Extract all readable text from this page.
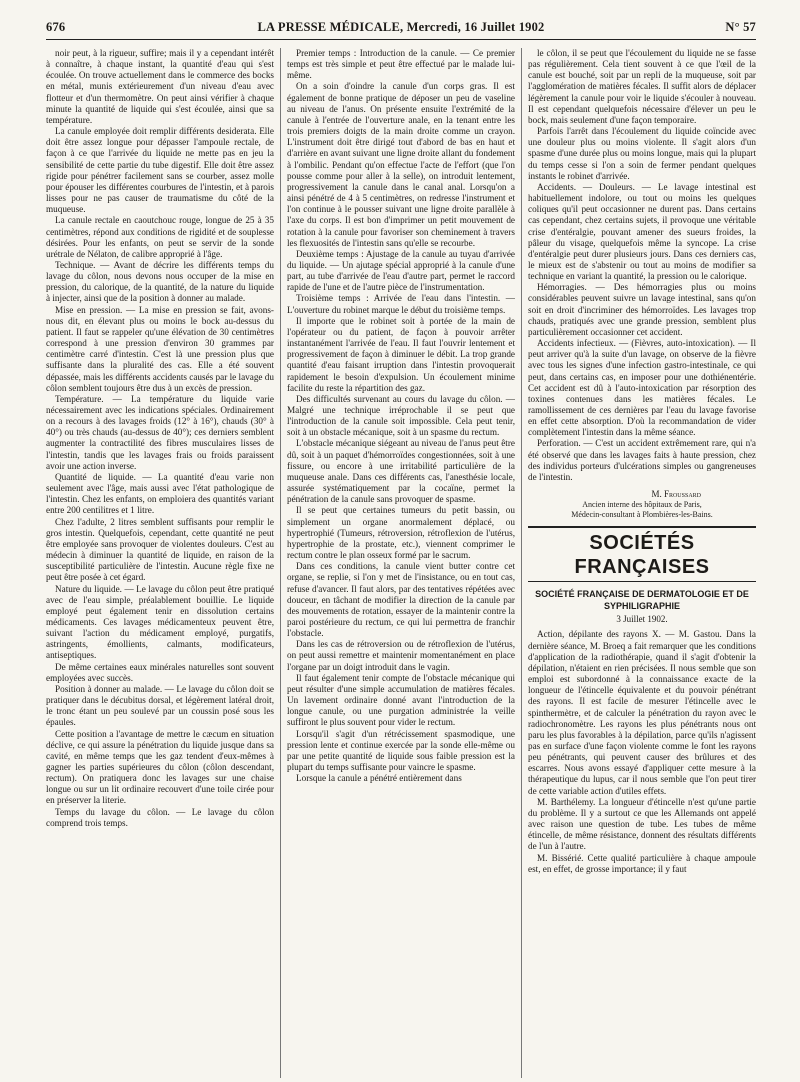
676	LA PRESSE MÉDICALE, Mercredi, 16 Juillet 1902	N° 57

noir peut, à la rigueur, suffire; mais il y a cependant intérêt à connaître, à chaque instant, la quantité d'eau qui s'est écoulée. On trouve actuellement dans le commerce des bocks en métal, munis extérieurement d'un niveau d'eau avec flotteur et d'un thermomètre. On peut ainsi vérifier à chaque minute la quantité de liquide qui s'est écoulée, ainsi que sa température.

La canule employée doit remplir différents desiderata. Elle doit être assez longue pour dépasser l'ampoule rectale, de façon à ce que l'arrivée du liquide ne mette pas en jeu la sensibilité de cette partie du tube digestif. Elle doit être assez rigide pour pénétrer facilement sans se courber, assez molle pour épouser les différentes courbures de l'intestin, et à parois lisses pour ne pas causer de traumatisme du côté de la muqueuse.

La canule rectale en caoutchouc rouge, longue de 25 à 35 centimètres, répond aux conditions de rigidité et de souplesse désirées. Pour les enfants, on peut se servir de la sonde urétrale de Nélaton, de calibre approprié à l'âge.

Technique. — Avant de décrire les différents temps du lavage du côlon, nous devons nous occuper de la mise en pression, du calorique, de la quantité, de la nature du liquide à injecter, ainsi que de la position à donner au malade.

Mise en pression. — La mise en pression se fait, avons-nous dit, en élevant plus ou moins le bock au-dessus du patient. Il faut se rappeler qu'une élévation de 30 centimètres correspond à une pression d'environ 30 grammes par centimètre carré d'intestin. C'est là une pression plus que suffisante dans la pluralité des cas. Elle a été souvent dépassée, mais les différents accidents causés par le lavage du côlon semblent toujours être dus à un excès de pression.

Température. — La température du liquide varie nécessairement avec les indications spéciales. Ordinairement on a recours à des lavages froids (12° à 16°), chauds (30° à 40°) ou très chauds (au-dessus de 40°); ces derniers semblent augmenter la contractilité des fibres musculaires lisses de l'intestin, tandis que les lavages frais ou froids paraissent avoir une action inverse.

Quantité de liquide. — La quantité d'eau varie non seulement avec l'âge, mais aussi avec l'état pathologique de l'intestin. Chez les enfants, on emploiera des quantités variant entre 200 centilitres et 1 litre.

Chez l'adulte, 2 litres semblent suffisants pour remplir le gros intestin. Quelquefois, cependant, cette quantité ne peut être employée sans provoquer de violentes douleurs. C'est au médecin à diminuer la quantité de liquide, en raison de la susceptibilité particulière de l'intestin. Aucune règle fixe ne peut être posée à cet égard.

Nature du liquide. — Le lavage du côlon peut être pratiqué avec de l'eau simple, préalablement bouillie. Le liquide employé peut également tenir en dissolution certains médicaments. Ces lavages médicamenteux peuvent être, suivant l'action du médicament employé, purgatifs, astringents, émollients, calmants, modificateurs, antiseptiques.

De même certaines eaux minérales naturelles sont souvent employées avec succès.

Position à donner au malade. — Le lavage du côlon doit se pratiquer dans le décubitus dorsal, et légèrement latéral droit, le tronc étant un peu soulevé par un coussin posé sous les épaules.

Cette position a l'avantage de mettre le cæcum en situation déclive, ce qui assure la pénétration du liquide jusque dans sa cavité, en même temps que les gaz tendent d'eux-mêmes à gagner les parties supérieures du côlon (côlon descendant, rectum). On pratiquera donc les lavages sur une chaise longue ou sur un lit ordinaire recouvert d'une toile cirée pour en préserver la literie.

Temps du lavage du côlon. — Le lavage du côlon comprend trois temps.

Premier temps : Introduction de la canule. — Ce premier temps est très simple et peut être effectué par le malade lui-même.

On a soin d'oindre la canule d'un corps gras. Il est également de bonne pratique de déposer un peu de vaseline au niveau de l'anus. On présente ensuite l'extrémité de la canule à l'entrée de l'ouverture anale, en la tenant entre les trois premiers doigts de la main droite comme un crayon. L'instrument doit être dirigé tout d'abord de bas en haut et d'arrière en avant suivant une ligne droite allant du fondement à l'ombilic. Pendant qu'on effectue l'acte de l'effort (que l'on pousse comme pour aller à la selle), on introduit lentement, progressivement la canule dans le canal anal. Lorsqu'on a ainsi pénétré de 4 à 5 centimètres, on redresse l'instrument et l'on continue à le pousser suivant une ligne droite parallèle à l'axe du corps. Il est bon d'imprimer un petit mouvement de rotation à la canule pour favoriser son cheminement à travers les flexuosités de l'intestin sans qu'elle se recourbe.

Deuxième temps : Ajustage de la canule au tuyau d'arrivée du liquide. — Un ajutage spécial approprié à la canule d'une part, au tube d'arrivée de l'eau d'autre part, permet le raccord rapide de l'une et de l'autre pièce de l'instrumentation.

Troisième temps : Arrivée de l'eau dans l'intestin. — L'ouverture du robinet marque le début du troisième temps.

Il importe que le robinet soit à portée de la main de l'opérateur ou du patient, de façon à pouvoir arrêter instantanément l'arrivée de l'eau. Il faut l'ouvrir lentement et progressivement de façon à diminuer le débit. La trop grande quantité d'eau faisant irruption dans l'intestin provoquerait rapidement le besoin d'expulsion. Un écoulement minime facilite du reste la répartition des gaz.

Des difficultés survenant au cours du lavage du côlon. — Malgré une technique irréprochable il se peut que l'introduction de la canule soit impossible. Cela peut tenir, soit à un obstacle mécanique, soit à un spasme du rectum.

L'obstacle mécanique siégeant au niveau de l'anus peut être dû, soit à un paquet d'hémorroïdes congestionnées, soit à une fissure, ou encore à une irritabilité particulière de la muqueuse anale. Dans ces différents cas, l'anesthésie locale, assurée systématiquement par la cocaïne, permet la pénétration de la canule sans provoquer de spasme.

Il se peut que certaines tumeurs du petit bassin, ou simplement un organe anormalement déplacé, ou hypertrophié (Tumeurs, rétroversion, rétroflexion de l'utérus, hypertrophie de la prostate, etc.), viennent comprimer le rectum contre le plan osseux formé par le sacrum.

Dans ces conditions, la canule vient butter contre cet organe, se replie, si l'on y met de l'insistance, ou en tout cas, refuse d'avancer. Il faut alors, par des tentatives répétées avec douceur, en tâchant de modifier la direction de la canule par des mouvements de rotation, essayer de la maintenir contre la paroi postérieure du rectum, ce qui lui permettra de franchir l'obstacle.

Dans les cas de rétroversion ou de rétroflexion de l'utérus, on peut aussi remettre et maintenir momentanément en place l'organe par un doigt introduit dans le vagin.

Il faut également tenir compte de l'obstacle mécanique qui peut résulter d'une simple accumulation de matières fécales. Un lavement ordinaire donné avant l'introduction de la longue canule, ou une purgation administrée la veille suffiront le plus souvent pour vider le rectum.

Lorsqu'il s'agit d'un rétrécissement spasmodique, une pression lente et continue exercée par la sonde elle-même ou par une petite quantité de liquide sous faible pression est la plupart du temps suffisante pour vaincre le spasme.

Lorsque la canule a pénétré entièrement dans

le côlon, il se peut que l'écoulement du liquide ne se fasse pas régulièrement. Cela tient souvent à ce que l'œil de la canule est bouché, soit par un repli de la muqueuse, soit par l'agglomération de matières fécales. Il suffit alors de déplacer légèrement la canule pour voir le liquide s'écouler à nouveau. Il est cependant quelquefois nécessaire d'élever un peu le bock, mais seulement d'une façon temporaire.

Parfois l'arrêt dans l'écoulement du liquide coïncide avec une douleur plus ou moins violente. Il s'agit alors d'un spasme d'une durée plus ou moins longue, mais qui la plupart du temps cesse si l'on a soin de fermer pendant quelques instants le robinet d'arrivée.

Accidents. — Douleurs. — Le lavage intestinal est habituellement indolore, ou tout ou moins les quelques coliques qu'il peut occasionner ne durent pas. Dans certains cas cependant, chez certains sujets, il provoque une véritable crise d'entéralgie, pouvant amener des sueurs froides, la pâleur du visage, quelquefois même la syncope. La crise d'entéralgie peut durer plusieurs jours. Dans ces derniers cas, le mieux est de s'abstenir ou tout au moins de modifier sa technique en variant la quantité, la pression ou le calorique.

Hémorragies. — Des hémorragies plus ou moins considérables peuvent suivre un lavage intestinal, sans qu'on soit en droit d'incriminer des hémorroïdes. Les lavages trop chauds, pratiqués avec une grande pression, semblent plus particulièrement occasionner cet accident.

Accidents infectieux. — (Fièvres, auto-intoxication). — Il peut arriver qu'à la suite d'un lavage, on observe de la fièvre avec tous les signes d'une infection gastro-intestinale, ce qui peut, dans certains cas, en imposer pour une dothiénentérie. Cet accident est dû à l'auto-intoxication par résorption des toxines contenues dans les matières fécales. Le ramollissement de ces dernières par l'eau du lavage favorise en effet cette absorption. D'où la recommandation de vider complètement l'intestin dans la même séance.

Perforation. — C'est un accident extrêmement rare, qui n'a été observé que dans les lavages faits à haute pression, chez des individus porteurs d'ulcérations simples ou gangreneuses de l'intestin.

M. Froussard
Ancien interne des hôpitaux de Paris,
Médecin-consultant à Plombières-les-Bains.
SOCIÉTÉS FRANÇAISES
SOCIÉTÉ FRANÇAISE DE DERMATOLOGIE ET DE SYPHILIGRAPHIE
3 Juillet 1902.

Action, dépilante des rayons X. — M. Gastou. Dans la dernière séance, M. Broeq a fait remarquer que les conditions d'application de la radiothérapie, quand il s'agit d'obtenir la dépilation, n'étaient en rien précisées. Il nous semble que son emploi est subordonné à la connaissance exacte de la longueur de l'étincelle équivalente et du pouvoir pénétrant des rayons. Il est facile de mesurer l'étincelle avec le spinthermètre, et de calculer la pénétration du rayon avec le radiochronomètre. Les rayons les plus pénétrants nous ont paru les plus favorables à la dépilation, parce qu'ils n'agissent pas en surface d'une façon violente comme le font les rayons peu pénétrants, qui peuvent causer des brûlures et des escarres. Nous avons essayé d'appliquer cette mesure à la thérapeutique du lupus, car il nous semble que l'on peut tirer de cette variable action d'utiles effets.

M. Barthélemy. La longueur d'étincelle n'est qu'une partie du problème. Il y a surtout ce que les Allemands ont appelé avec raison une question de tube. Les tubes de même étincelle, de même résistance, donnent des résultats différents de l'un à l'autre.

M. Bissérié. Cette qualité particulière à chaque ampoule est, en effet, de grosse importance; il y faut
